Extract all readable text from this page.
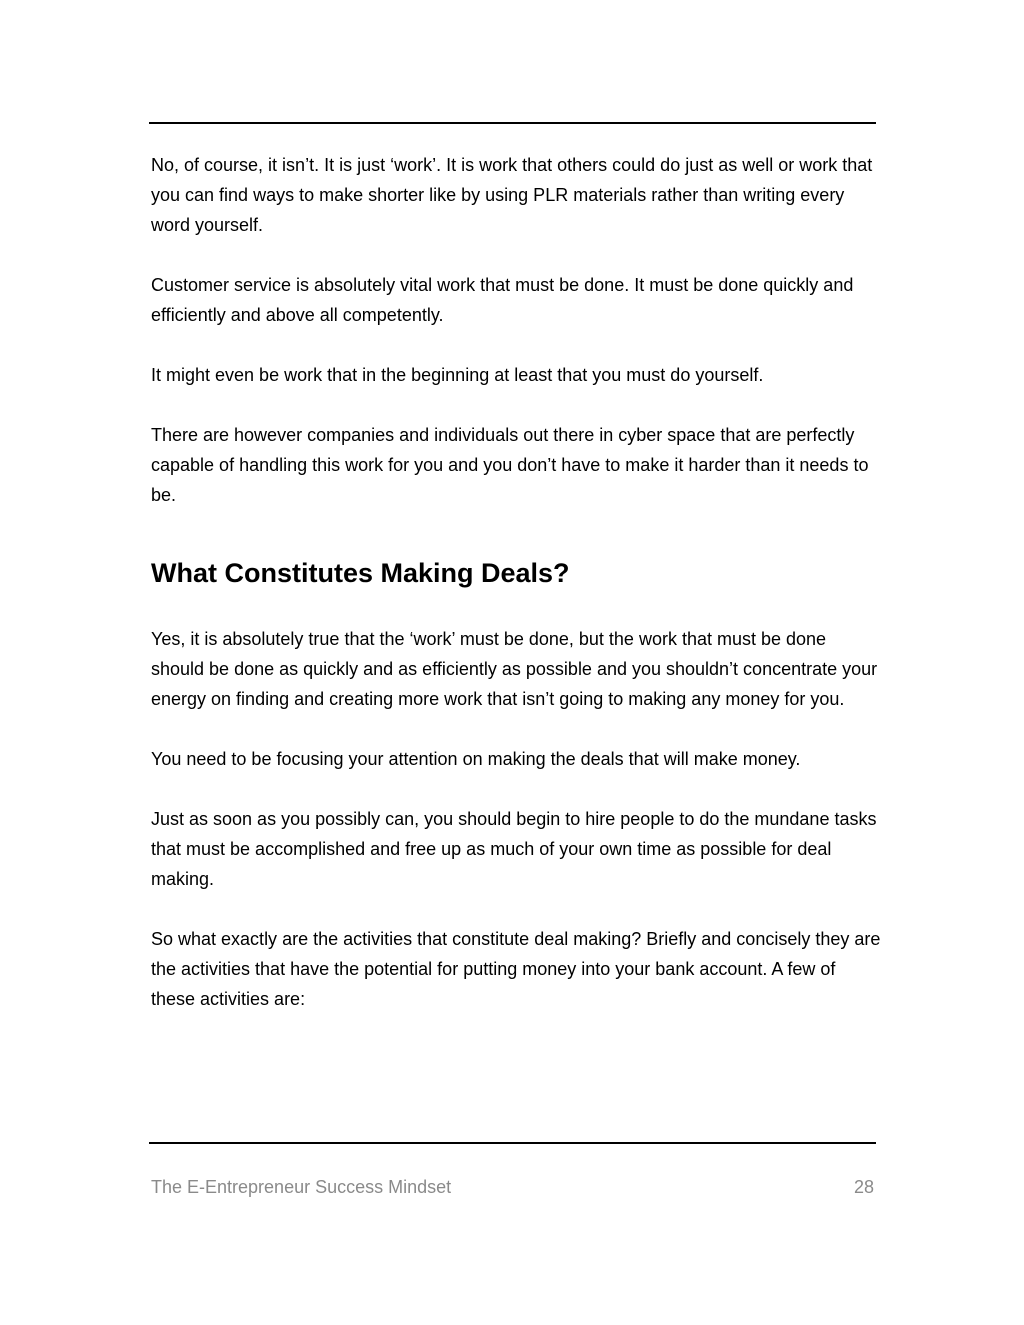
No, of course, it isn’t. It is just ‘work’. It is work that others could do just as well or work that you can find ways to make shorter like by using PLR materials rather than writing every word yourself.

Customer service is absolutely vital work that must be done. It must be done quickly and efficiently and above all competently.

It might even be work that in the beginning at least that you must do yourself.

There are however companies and individuals out there in cyber space that are perfectly capable of handling this work for you and you don’t have to make it harder than it needs to be.

What Constitutes Making Deals?

Yes, it is absolutely true that the ‘work’ must be done, but the work that must be done should be done as quickly and as efficiently as possible and you shouldn’t concentrate your energy on finding and creating more work that isn’t going to making any money for you.

You need to be focusing your attention on making the deals that will make money.

Just as soon as you possibly can, you should begin to hire people to do the mundane tasks that must be accomplished and free up as much of your own time as possible for deal making.

So what exactly are the activities that constitute deal making? Briefly and concisely they are the activities that have the potential for putting money into your bank account. A few of these activities are:

The E-Entrepreneur Success Mindset	28
